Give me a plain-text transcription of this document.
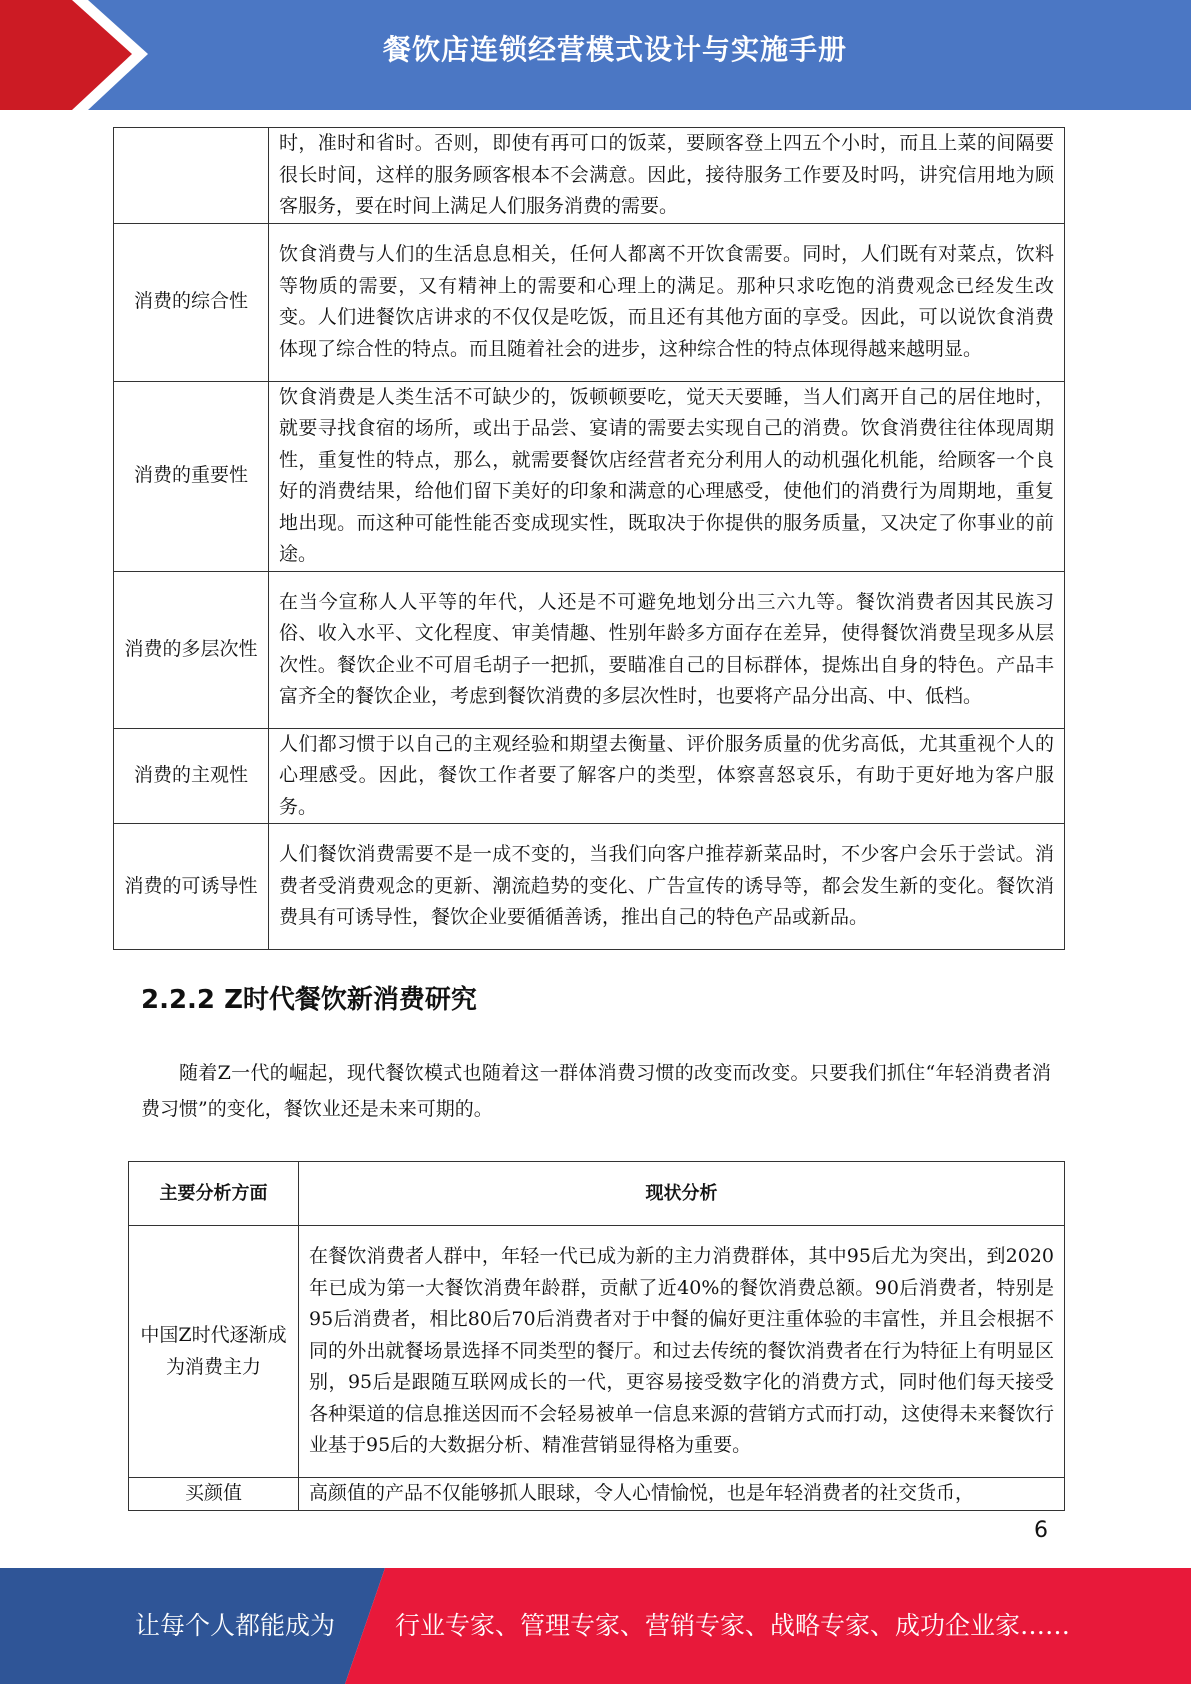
餐饮店连锁经营模式设计与实施手册
	时，准时和省时。否则，即使有再可口的饭菜，要顾客登上四五个小时，而且上菜的间隔要很长时间，这样的服务顾客根本不会满意。因此，接待服务工作要及时吗，讲究信用地为顾客服务，要在时间上满足人们服务消费的需要。
消费的综合性	饮食消费与人们的生活息息相关，任何人都离不开饮食需要。同时，人们既有对菜点，饮料等物质的需要，又有精神上的需要和心理上的满足。那种只求吃饱的消费观念已经发生改变。人们进餐饮店讲求的不仅仅是吃饭，而且还有其他方面的享受。因此，可以说饮食消费体现了综合性的特点。而且随着社会的进步，这种综合性的特点体现得越来越明显。
消费的重要性	饮食消费是人类生活不可缺少的，饭顿顿要吃，觉天天要睡，当人们离开自己的居住地时，就要寻找食宿的场所，或出于品尝、宴请的需要去实现自己的消费。饮食消费往往体现周期性，重复性的特点，那么，就需要餐饮店经营者充分利用人的动机强化机能，给顾客一个良好的消费结果，给他们留下美好的印象和满意的心理感受，使他们的消费行为周期地，重复地出现。而这种可能性能否变成现实性，既取决于你提供的服务质量，又决定了你事业的前途。
消费的多层次性	在当今宣称人人平等的年代，人还是不可避免地划分出三六九等。餐饮消费者因其民族习俗、收入水平、文化程度、审美情趣、性别年龄多方面存在差异，使得餐饮消费呈现多从层次性。餐饮企业不可眉毛胡子一把抓，要瞄准自己的目标群体，提炼出自身的特色。产品丰富齐全的餐饮企业，考虑到餐饮消费的多层次性时，也要将产品分出高、中、低档。
消费的主观性	人们都习惯于以自己的主观经验和期望去衡量、评价服务质量的优劣高低，尤其重视个人的心理感受。因此，餐饮工作者要了解客户的类型，体察喜怒哀乐，有助于更好地为客户服务。
消费的可诱导性	人们餐饮消费需要不是一成不变的，当我们向客户推荐新菜品时，不少客户会乐于尝试。消费者受消费观念的更新、潮流趋势的变化、广告宣传的诱导等，都会发生新的变化。餐饮消费具有可诱导性，餐饮企业要循循善诱，推出自己的特色产品或新品。
2.2.2 Z时代餐饮新消费研究
随着Z一代的崛起，现代餐饮模式也随着这一群体消费习惯的改变而改变。只要我们抓住“年轻消费者消费习惯”的变化，餐饮业还是未来可期的。
主要分析方面	现状分析
中国Z时代逐渐成为消费主力	在餐饮消费者人群中，年轻一代已成为新的主力消费群体，其中95后尤为突出，到2020年已成为第一大餐饮消费年龄群，贡献了近40%的餐饮消费总额。90后消费者，特别是95后消费者，相比80后70后消费者对于中餐的偏好更注重体验的丰富性，并且会根据不同的外出就餐场景选择不同类型的餐厅。和过去传统的餐饮消费者在行为特征上有明显区别，95后是跟随互联网成长的一代，更容易接受数字化的消费方式，同时他们每天接受各种渠道的信息推送因而不会轻易被单一信息来源的营销方式而打动，这使得未来餐饮行业基于95后的大数据分析、精准营销显得格为重要。
买颜值	高颜值的产品不仅能够抓人眼球，令人心情愉悦，也是年轻消费者的社交货币，
6
让每个人都能成为	行业专家、管理专家、营销专家、战略专家、成功企业家……
